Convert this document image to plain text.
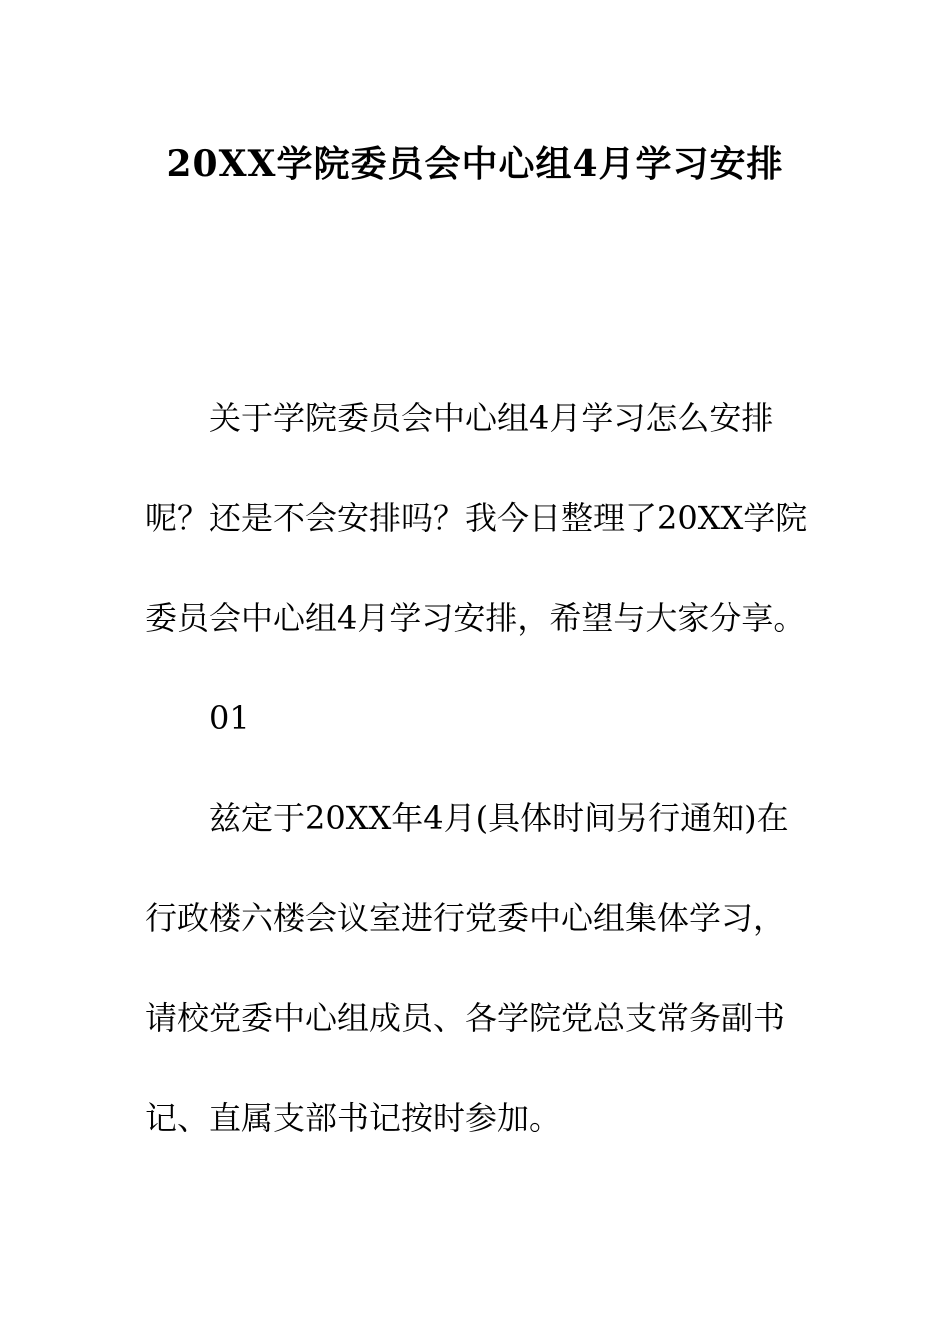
20XX学院委员会中心组4月学习安排

关于学院委员会中心组4月学习怎么安排呢？还是不会安排吗？我今日整理了20XX学院委员会中心组4月学习安排，希望与大家分享。

01

兹定于20XX年4月(具体时间另行通知)在行政楼六楼会议室进行党委中心组集体学习，请校党委中心组成员、各学院党总支常务副书记、直属支部书记按时参加。
